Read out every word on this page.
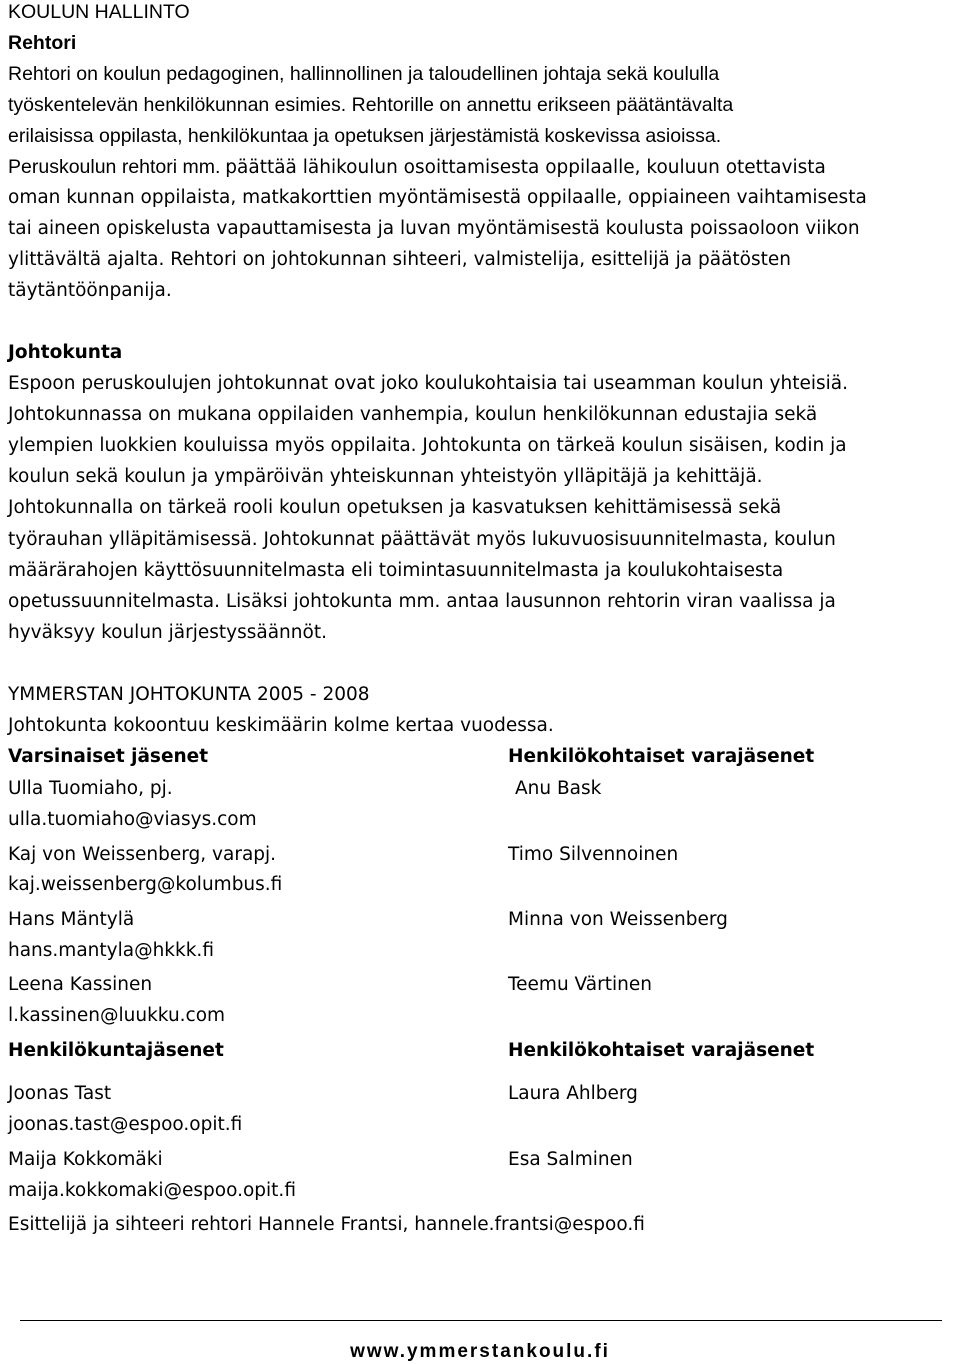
KOULUN HALLINTO
Rehtori
Rehtori on koulun pedagoginen, hallinnollinen ja taloudellinen johtaja sekä koululla
työskentelevän henkilökunnan esimies. Rehtorille on annettu erikseen päätäntävalta
erilaisissa oppilasta, henkilökuntaa ja opetuksen järjestämistä koskevissa asioissa.
Peruskoulun rehtori mm. päättää lähikoulun osoittamisesta oppilaalle, kouluun otettavista
oman kunnan oppilaista, matkakorttien myöntämisestä oppilaalle, oppiaineen vaihtamisesta
tai aineen opiskelusta vapauttamisesta ja luvan myöntämisestä koulusta poissaoloon viikon
ylittävältä ajalta. Rehtori on johtokunnan sihteeri, valmistelija, esittelijä ja päätösten
täytäntöönpanija.
Johtokunta
Espoon peruskoulujen johtokunnat ovat joko koulukohtaisia tai useamman koulun yhteisiä.
Johtokunnassa on mukana oppilaiden vanhempia, koulun henkilökunnan edustajia sekä
ylempien luokkien kouluissa myös oppilaita. Johtokunta on tärkeä koulun sisäisen, kodin ja
koulun sekä koulun ja ympäröivän yhteiskunnan yhteistyön ylläpitäjä ja kehittäjä.
Johtokunnalla on tärkeä rooli koulun opetuksen ja kasvatuksen kehittämisessä sekä
työrauhan ylläpitämisessä. Johtokunnat päättävät myös lukuvuosisuunnitelmasta, koulun
määrärahojen käyttösuunnitelmasta eli toimintasuunnitelmasta ja koulukohtaisesta
opetussuunnitelmasta. Lisäksi johtokunta mm. antaa lausunnon rehtorin viran vaalissa ja
hyväksyy koulun järjestyssäännöt.
YMMERSTAN JOHTOKUNTA 2005 - 2008
Johtokunta kokoontuu keskimäärin kolme kertaa vuodessa.
Varsinaiset jäsenet	Henkilökohtaiset varajäsenet
Ulla Tuomiaho, pj.	Anu Bask
ulla.tuomiaho@viasys.com
Kaj von Weissenberg, varapj.	Timo Silvennoinen
kaj.weissenberg@kolumbus.fi
Hans Mäntylä	Minna von Weissenberg
hans.mantyla@hkkk.fi
Leena Kassinen	Teemu Värtinen
l.kassinen@luukku.com
Henkilökuntajäsenet	Henkilökohtaiset varajäsenet
Joonas Tast	Laura Ahlberg
joonas.tast@espoo.opit.fi
Maija Kokkomäki	Esa Salminen
maija.kokkomaki@espoo.opit.fi
Esittelijä ja sihteeri rehtori Hannele Frantsi, hannele.frantsi@espoo.fi
www.ymmerstankoulu.fi
